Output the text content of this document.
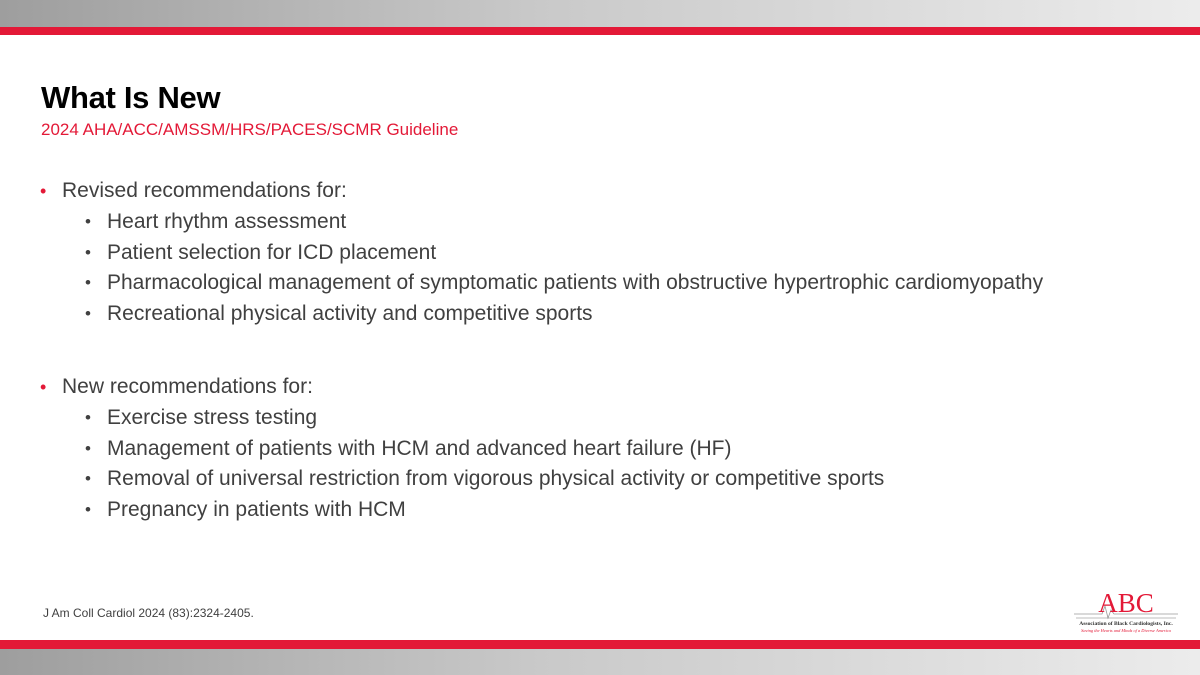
What Is New
2024 AHA/ACC/AMSSM/HRS/PACES/SCMR Guideline
• Revised recommendations for:
• Heart rhythm assessment
• Patient selection for ICD placement
• Pharmacological management of symptomatic patients with obstructive hypertrophic cardiomyopathy
• Recreational physical activity and competitive sports
• New recommendations for:
• Exercise stress testing
• Management of patients with HCM and advanced heart failure (HF)
• Removal of universal restriction from vigorous physical activity or competitive sports
• Pregnancy in patients with HCM
J Am Coll Cardiol 2024 (83):2324-2405.	ABC
Association of Black Cardiologists, Inc.
Saving the Hearts and Minds of a Diverse America
